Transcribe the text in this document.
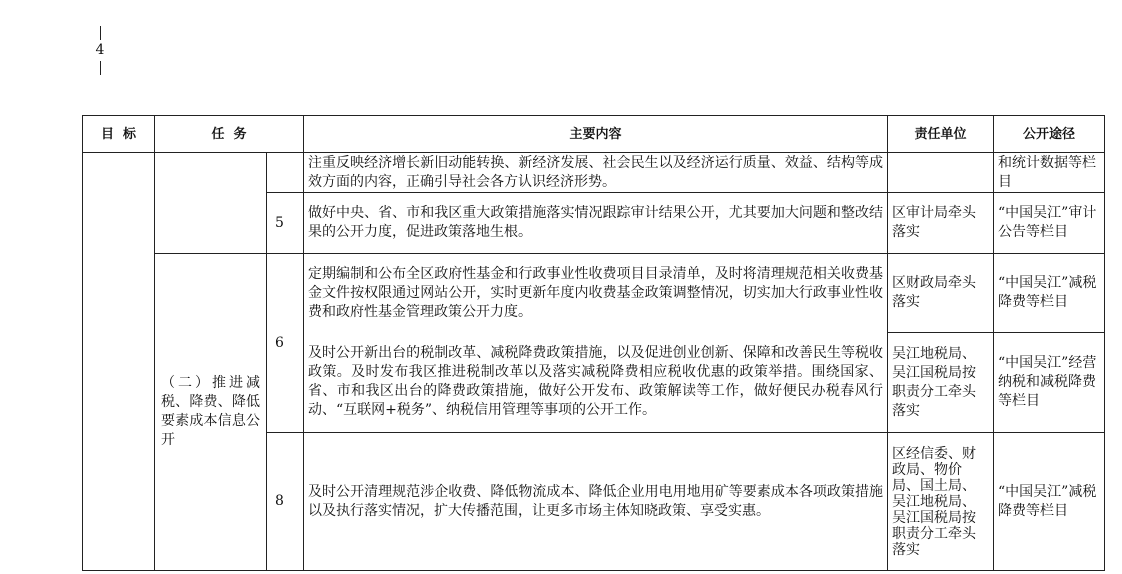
4
目  标	任  务		主要内容	责任单位	公开途径
			注重反映经济增长新旧动能转换、新经济发展、社会民生以及经济运行质量、效益、结构等成效方面的内容，正确引导社会各方认识经济形势。		和统计数据等栏目
		5	做好中央、省、市和我区重大政策措施落实情况跟踪审计结果公开，尤其要加大问题和整改结果的公开力度，促进政策落地生根。	区审计局牵头落实	“中国吴江”审计公告等栏目
	（二）推进减税、降费、降低要素成本信息公开	6	定期编制和公布全区政府性基金和行政事业性收费项目目录清单，及时将清理规范相关收费基金文件按权限通过网站公开，实时更新年度内收费基金政策调整情况，切实加大行政事业性收费和政府性基金管理政策公开力度。	区财政局牵头落实	“中国吴江”减税降费等栏目
			及时公开新出台的税制改革、减税降费政策措施，以及促进创业创新、保障和改善民生等税收政策。及时发布我区推进税制改革以及落实减税降费相应税收优惠的政策举措。围绕国家、省、市和我区出台的降费政策措施，做好公开发布、政策解读等工作，做好便民办税春风行动、“互联网+税务”、纳税信用管理等事项的公开工作。	吴江地税局、吴江国税局按职责分工牵头落实	“中国吴江”经营纳税和减税降费等栏目
		8	及时公开清理规范涉企收费、降低物流成本、降低企业用电用地用矿等要素成本各项政策措施以及执行落实情况，扩大传播范围，让更多市场主体知晓政策、享受实惠。	区经信委、财政局、物价局、国土局、吴江地税局、吴江国税局按职责分工牵头落实	“中国吴江”减税降费等栏目
